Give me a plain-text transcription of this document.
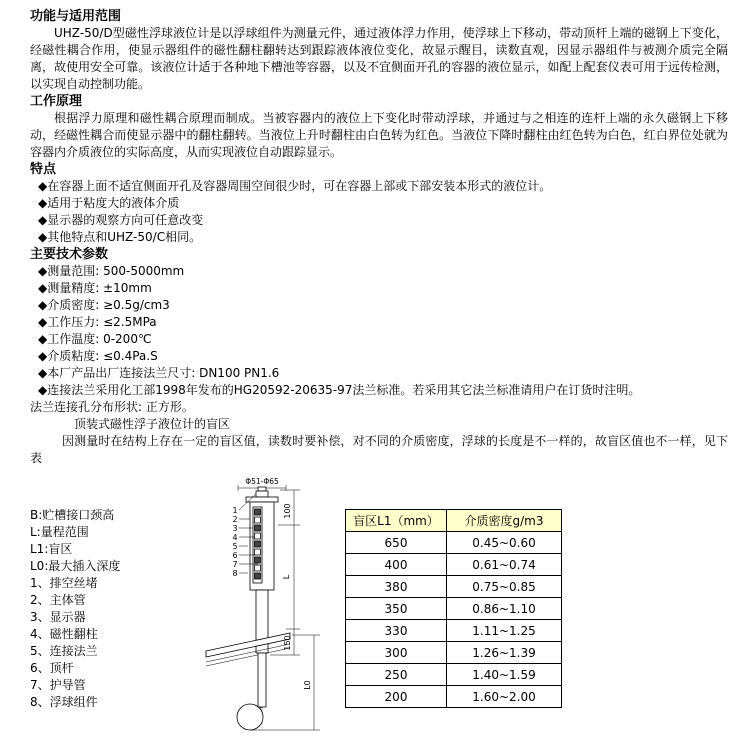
功能与适用范围
UHZ-50/D型磁性浮球液位计是以浮球组件为测量元件，通过液体浮力作用，使浮球上下移动，带动顶杆上端的磁钢上下变化，经磁性耦合作用，使显示器组件的磁性翻柱翻转达到跟踪液体液位变化，故显示醒目，读数直观，因显示器组件与被测介质完全隔离，故使用安全可靠。该液位计适于各种地下槽池等容器，以及不宜侧面开孔的容器的液位显示，如配上配套仪表可用于远传检测，以实现自动控制功能。
工作原理
根据浮力原理和磁性耦合原理而制成。当被容器内的液位上下变化时带动浮球，并通过与之相连的连杆上端的永久磁钢上下移动，经磁性耦合而使显示器中的翻柱翻转。当液位上升时翻柱由白色转为红色。当液位下降时翻柱由红色转为白色，红白界位处就为容器内介质液位的实际高度，从而实现液位自动跟踪显示。
特点
◆在容器上面不适宜侧面开孔及容器周围空间很少时，可在容器上部或下部安装本形式的液位计。
◆适用于粘度大的液体介质
◆显示器的观察方向可任意改变
◆其他特点和UHZ-50/C相同。
主要技术参数
◆测量范围: 500-5000mm
◆测量精度: ±10mm
◆介质密度: ≥0.5g/cm3
◆工作压力: ≤2.5MPa
◆工作温度: 0-200℃
◆介质粘度: ≤0.4Pa.S
◆本厂产品出厂连接法兰尺寸: DN100 PN1.6
◆连接法兰采用化工部1998年发布的HG20592-20635-97法兰标准。若采用其它法兰标准请用户在订货时注明。
法兰连接孔分布形状: 正方形。
顶装式磁性浮子液位计的盲区
因测量时在结构上存在一定的盲区值，读数时要补偿，对不同的介质密度，浮球的长度是不一样的，故盲区值也不一样，见下表
B:贮槽接口颈高
L:量程范围
L1:盲区
L0:最大插入深度
1、排空丝堵
2、主体管
3、显示器
4、磁性翻柱
5、连接法兰
6、顶杆
7、护导管
8、浮球组件
Φ51-Φ65
100
L
150
L0
1
2
3
4
5
6
7
8
盲区L1（mm）	介质密度g/m3
650	0.45~0.60
400	0.61~0.74
380	0.75~0.85
350	0.86~1.10
330	1.11~1.25
300	1.26~1.39
250	1.40~1.59
200	1.60~2.00
